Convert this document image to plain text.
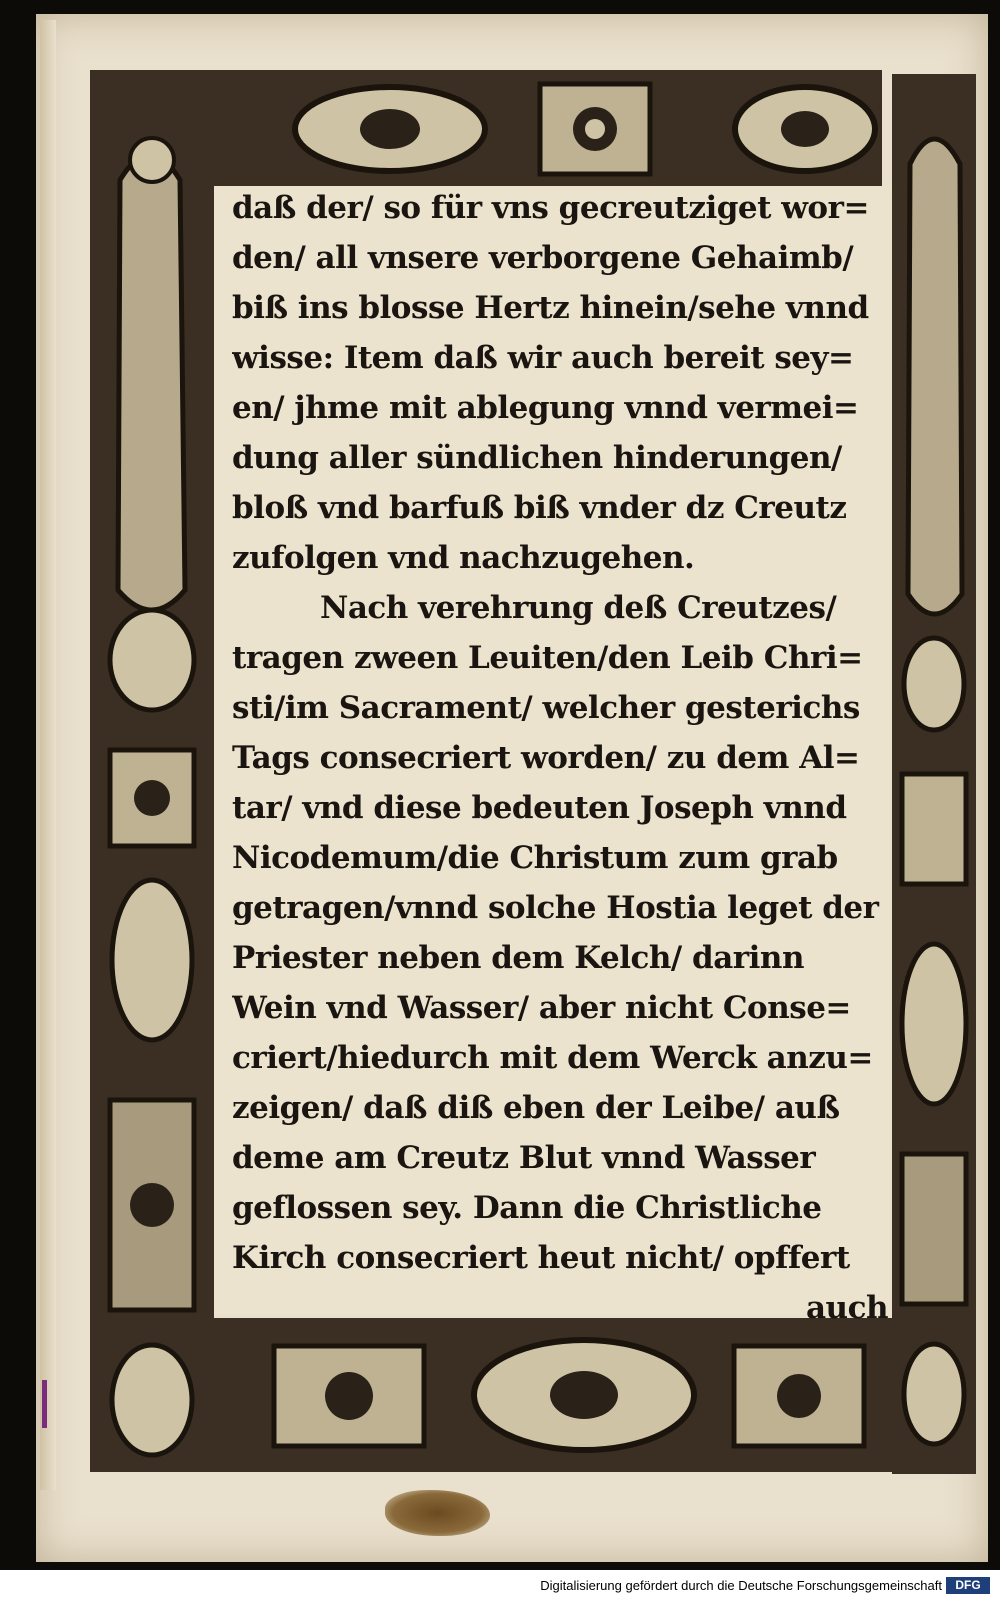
daß der/ so für vns gecreutziget wor=
den/ all vnsere verborgene Gehaimb/
biß ins blosse Hertz hinein/sehe vnnd
wisse: Item daß wir auch bereit sey=
en/ jhme mit ablegung vnnd vermei=
dung aller sündlichen hinderungen/
bloß vnd barfuß biß vnder dz Creutz
zufolgen vnd nachzugehen.
Nach verehrung deß Creutzes/
tragen zween Leuiten/den Leib Chri=
sti/im Sacrament/ welcher gesterichs
Tags consecriert worden/ zu dem Al=
tar/ vnd diese bedeuten Joseph vnnd
Nicodemum/die Christum zum grab
getragen/vnnd solche Hostia leget der
Priester neben dem Kelch/ darinn
Wein vnd Wasser/ aber nicht Conse=
criert/hiedurch mit dem Werck anzu=
zeigen/ daß diß eben der Leibe/ auß
deme am Creutz Blut vnnd Wasser
geflossen sey. Dann die Christliche
Digitalisierung gefördert durch die Deutsche Forschungsgemeinschaft	DFG
Kirch consecriert heut nicht/ opffert
auch
